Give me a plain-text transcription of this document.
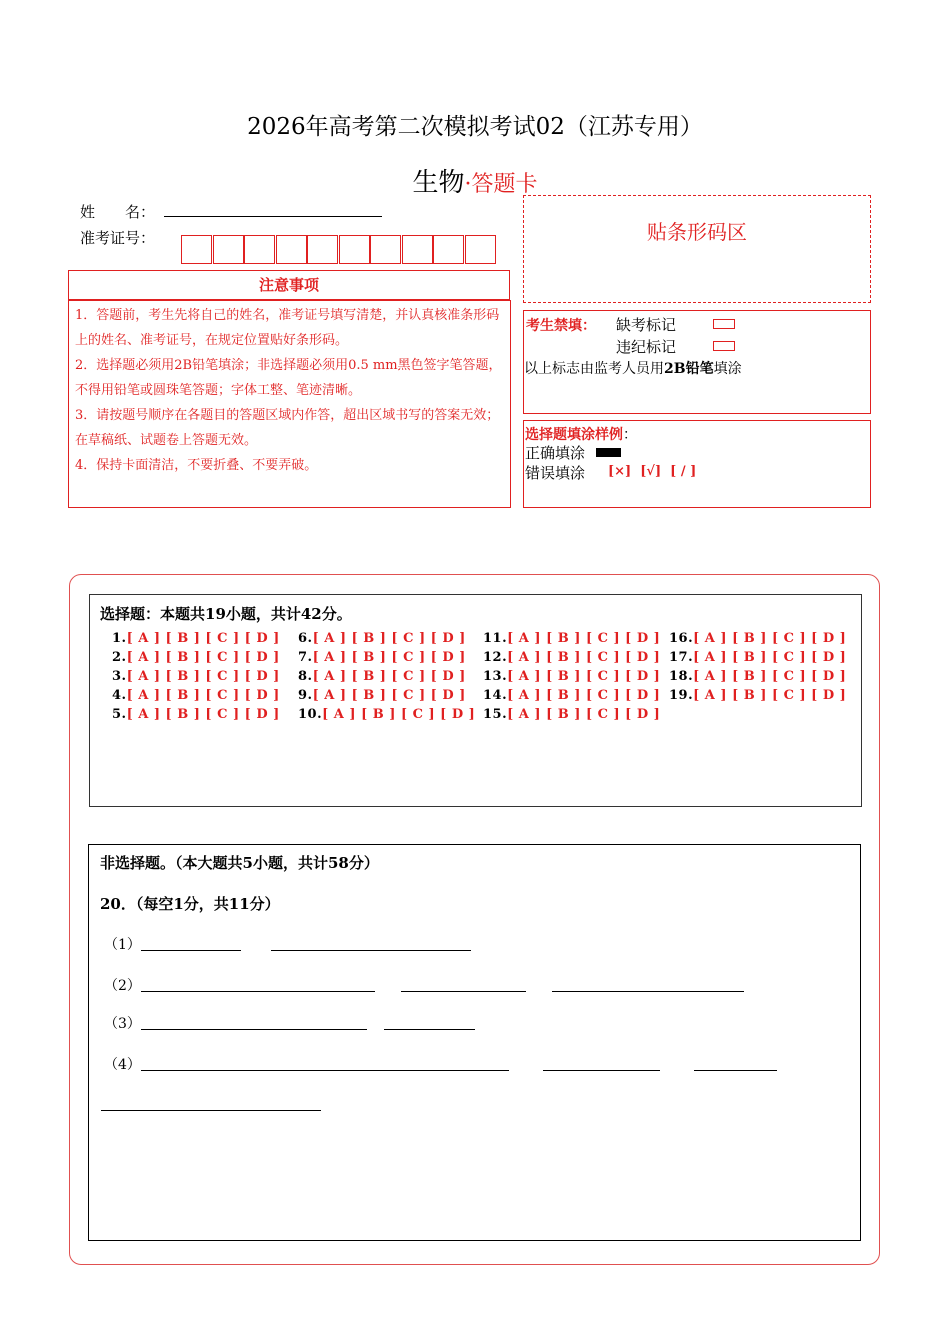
2026年高考第二次模拟考试02（江苏专用）
生物·答题卡
姓　　名：
准考证号：
注意事项
1．答题前，考生先将自己的姓名，准考证号填写清楚，并认真核准条形码上的姓名、准考证号，在规定位置贴好条形码。
2．选择题必须用2B铅笔填涂；非选择题必须用0.5 mm黑色签字笔答题，不得用铅笔或圆珠笔答题；字体工整、笔迹清晰。
3．请按题号顺序在各题目的答题区域内作答，超出区域书写的答案无效；在草稿纸、试题卷上答题无效。
4．保持卡面清洁，不要折叠、不要弄破。
贴条形码区
考生禁填： 缺考标记
违纪标记
以上标志由监考人员用2B铅笔填涂
选择题填涂样例：
正确填涂
错误填涂 [×]  [√]  [ / ]
选择题：本题共19小题，共计42分。
1.[ A ] [ B ] [ C ] [ D ]
2.[ A ] [ B ] [ C ] [ D ]
3.[ A ] [ B ] [ C ] [ D ]
4.[ A ] [ B ] [ C ] [ D ]
5.[ A ] [ B ] [ C ] [ D ]
6.[ A ] [ B ] [ C ] [ D ]
7.[ A ] [ B ] [ C ] [ D ]
8.[ A ] [ B ] [ C ] [ D ]
9.[ A ] [ B ] [ C ] [ D ]
10.[ A ] [ B ] [ C ] [ D ]
11.[ A ] [ B ] [ C ] [ D ]
12.[ A ] [ B ] [ C ] [ D ]
13.[ A ] [ B ] [ C ] [ D ]
14.[ A ] [ B ] [ C ] [ D ]
15.[ A ] [ B ] [ C ] [ D ]
16.[ A ] [ B ] [ C ] [ D ]
17.[ A ] [ B ] [ C ] [ D ]
18.[ A ] [ B ] [ C ] [ D ]
19.[ A ] [ B ] [ C ] [ D ]
非选择题。（本大题共5小题，共计58分）
20．（每空1分，共11分）
（1）
（2）
（3）
（4）
